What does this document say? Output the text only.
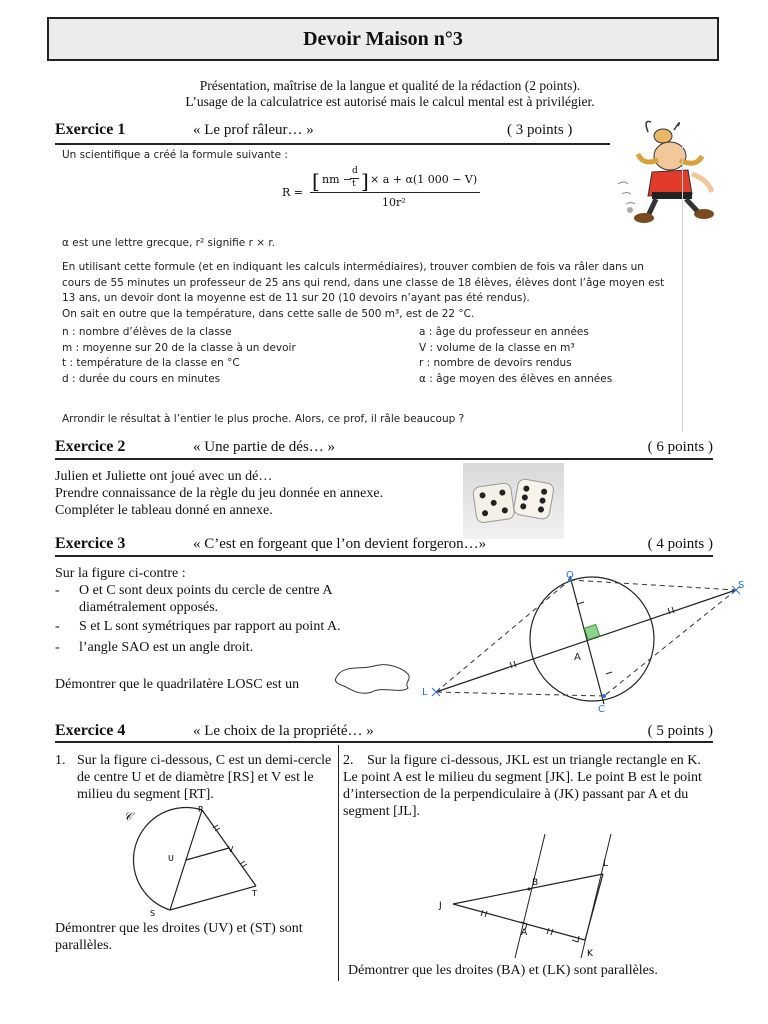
Devoir Maison n°3
Présentation, maîtrise de la langue et qualité de la rédaction (2 points).
L’usage de la calculatrice est autorisé mais le calcul mental est à privilégier.
Exercice 1	« Le prof râleur… »	( 3 points )
Un scientifique a créé la formule suivante :
R = [ nm −
d
t ] × a + α(1 000 − V)
10r²
α est une lettre grecque, r² signifie r × r.
En utilisant cette formule (et en indiquant les calculs intermédiaires), trouver combien de fois va râler dans un cours de 55 minutes un professeur de 25 ans qui rend, dans une classe de 18 élèves, élèves dont l’âge moyen est 13 ans, un devoir dont la moyenne est de 11 sur 20 (10 devoirs n’ayant pas été rendus).
On sait en outre que la température, dans cette salle de 500 m³, est de 22 °C.
n : nombre d’élèves de la classe
m : moyenne sur 20 de la classe à un devoir
t : température de la classe en °C
d : durée du cours en minutes
a : âge du professeur en années
V : volume de la classe en m³
r : nombre de devoirs rendus
α : âge moyen des élèves en années
Arrondir le résultat à l’entier le plus proche. Alors, ce prof, il râle beaucoup ?
Exercice 2	« Une partie de dés… »	( 6 points )
Julien et Juliette ont joué avec un dé…
Prendre connaissance de la règle du jeu donnée en annexe.
Compléter le tableau donné en annexe.
Exercice 3	« C’est en forgeant que l’on devient forgeron…»	( 4 points )
Sur la figure ci-contre :
- O et C sont deux points du cercle de centre A diamétralement opposés.
- S et L sont symétriques par rapport au point A.
- l’angle SAO est un angle droit.
Démontrer que le quadrilatère LOSC est un
O
S
A
L
C
Exercice 4	« Le choix de la propriété… »	( 5 points )
1. Sur la figure ci-dessous, C est un demi-cercle de centre U et de diamètre [RS] et V est le milieu du segment [RT].
𝒞
R
U
V
T
S
Démontrer que les droites (UV) et (ST) sont parallèles.
2. Sur la figure ci-dessous, JKL est un triangle rectangle en K. Le point A est le milieu du segment [JK]. Le point B est le point d’intersection de la perpendiculaire à (JK) passant par A et du segment [JL].
J
K
L
A
B
Démontrer que les droites (BA) et (LK) sont parallèles.
